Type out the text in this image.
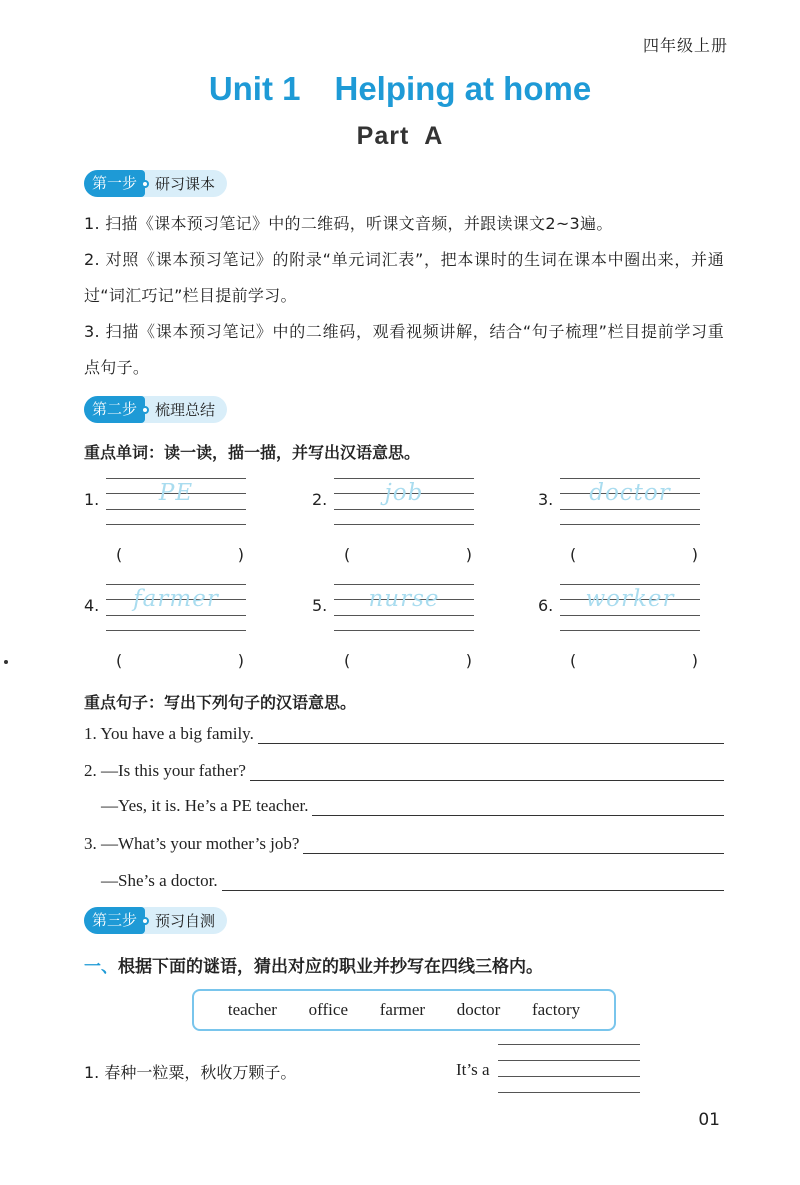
四年级上册
Unit 1 Helping at home
Part  A
第一步	研习课本
1. 扫描《课本预习笔记》中的二维码，听课文音频，并跟读课文2~3遍。
2. 对照《课本预习笔记》的附录“单元词汇表”，把本课时的生词在课本中圈出来，并通过“词汇巧记”栏目提前学习。
3. 扫描《课本预习笔记》中的二维码，观看视频讲解，结合“句子梳理”栏目提前学习重点句子。
第二步	梳理总结
重点单词：读一读，描一描，并写出汉语意思。
1.	PE	2.	job	3.	doctor
(	)	(	)	(	)
4.	farmer	5.	nurse	6.	worker
(	)	(	)	(	)
重点句子：写出下列句子的汉语意思。
1. You have a big family.
2. —Is this your father?
—Yes, it is. He’s a PE teacher.
3. —What’s your mother’s job?
—She’s a doctor.
第三步	预习自测
一、根据下面的谜语，猜出对应的职业并抄写在四线三格内。
teacher office farmer doctor factory
1. 春种一粒粟，秋收万颗子。	It’s a
01
